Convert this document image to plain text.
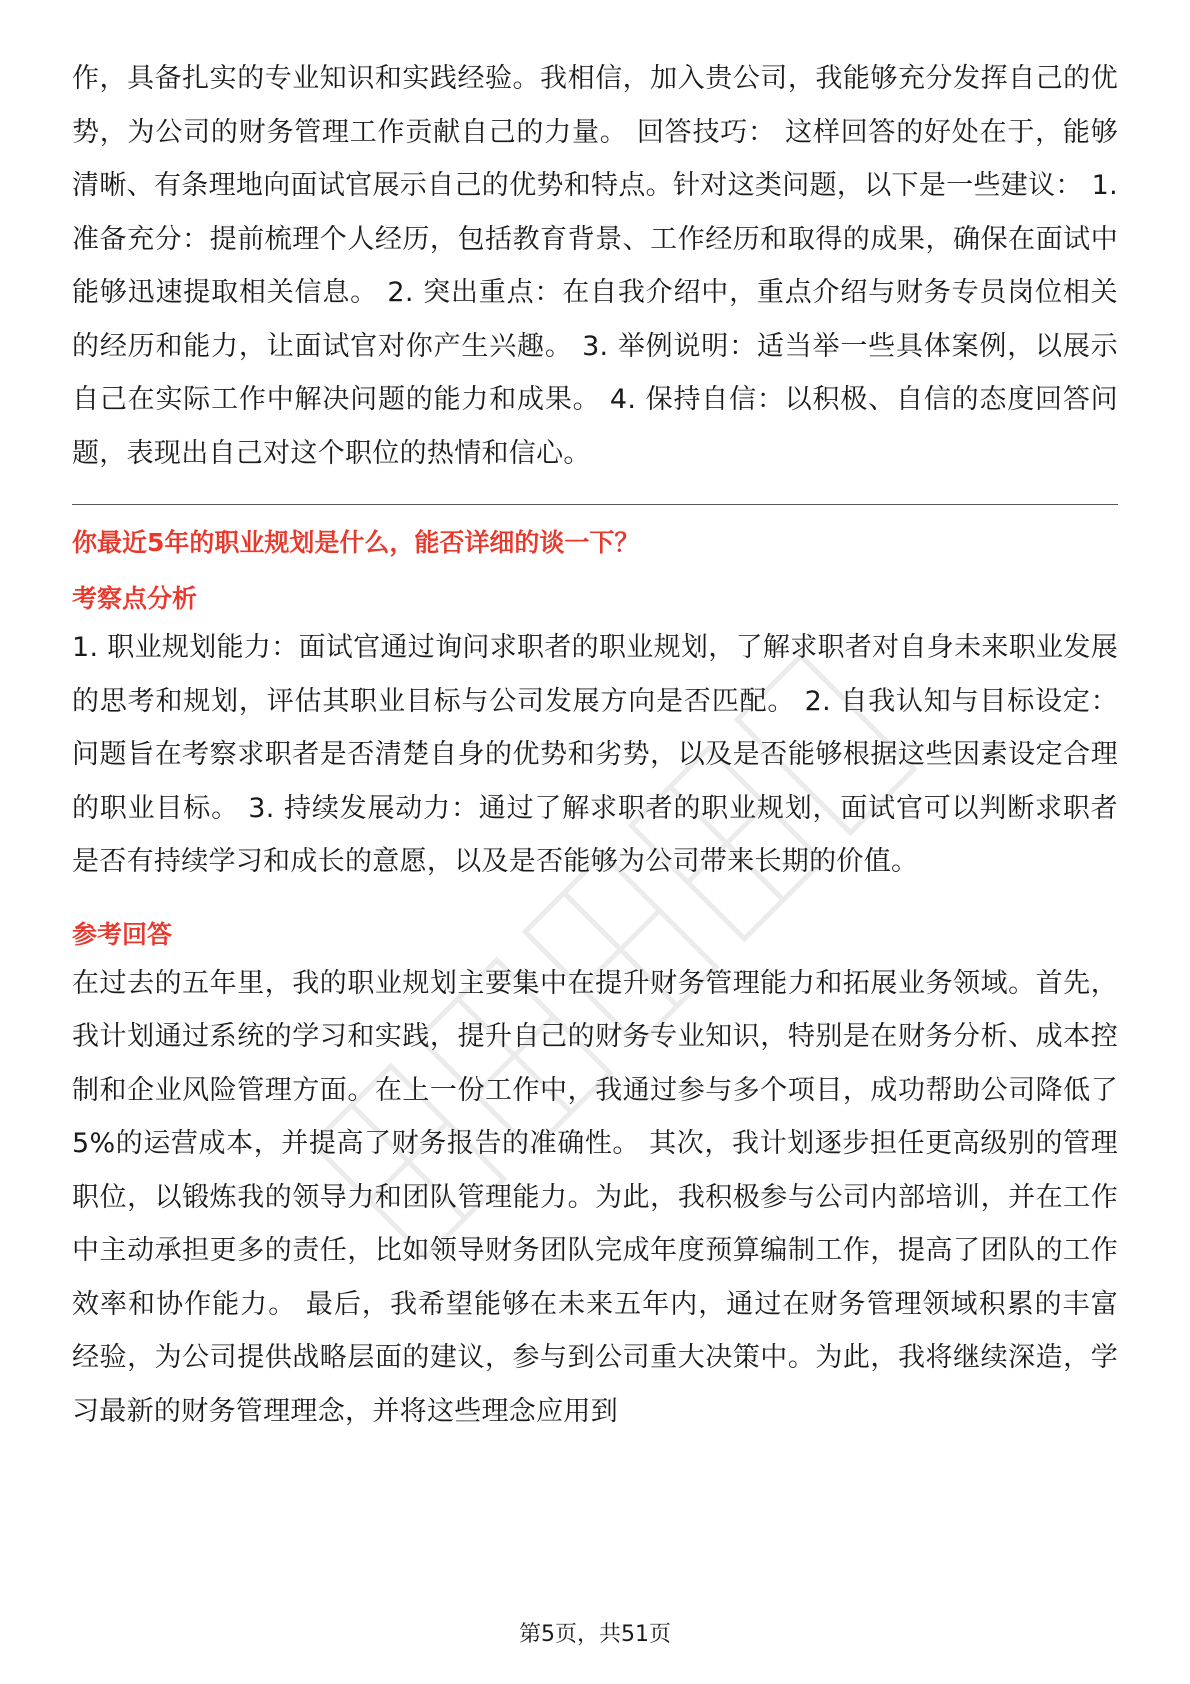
作，具备扎实的专业知识和实践经验。我相信，加入贵公司，我能够充分发挥自己的优势，为公司的财务管理工作贡献自己的力量。 回答技巧： 这样回答的好处在于，能够清晰、有条理地向面试官展示自己的优势和特点。针对这类问题，以下是一些建议： 1. 准备充分：提前梳理个人经历，包括教育背景、工作经历和取得的成果，确保在面试中能够迅速提取相关信息。 2. 突出重点：在自我介绍中，重点介绍与财务专员岗位相关的经历和能力，让面试官对你产生兴趣。 3. 举例说明：适当举一些具体案例，以展示自己在实际工作中解决问题的能力和成果。 4. 保持自信：以积极、自信的态度回答问题，表现出自己对这个职位的热情和信心。

你最近5年的职业规划是什么，能否详细的谈一下？

考察点分析

1. 职业规划能力：面试官通过询问求职者的职业规划，了解求职者对自身未来职业发展的思考和规划，评估其职业目标与公司发展方向是否匹配。 2. 自我认知与目标设定：问题旨在考察求职者是否清楚自身的优势和劣势，以及是否能够根据这些因素设定合理的职业目标。 3. 持续发展动力：通过了解求职者的职业规划，面试官可以判断求职者是否有持续学习和成长的意愿，以及是否能够为公司带来长期的价值。

参考回答

在过去的五年里，我的职业规划主要集中在提升财务管理能力和拓展业务领域。首先，我计划通过系统的学习和实践，提升自己的财务专业知识，特别是在财务分析、成本控制和企业风险管理方面。在上一份工作中，我通过参与多个项目，成功帮助公司降低了5%的运营成本，并提高了财务报告的准确性。 其次，我计划逐步担任更高级别的管理职位，以锻炼我的领导力和团队管理能力。为此，我积极参与公司内部培训，并在工作中主动承担更多的责任，比如领导财务团队完成年度预算编制工作，提高了团队的工作效率和协作能力。 最后，我希望能够在未来五年内，通过在财务管理领域积累的丰富经验，为公司提供战略层面的建议，参与到公司重大决策中。为此，我将继续深造，学习最新的财务管理理念，并将这些理念应用到

第5页，共51页
